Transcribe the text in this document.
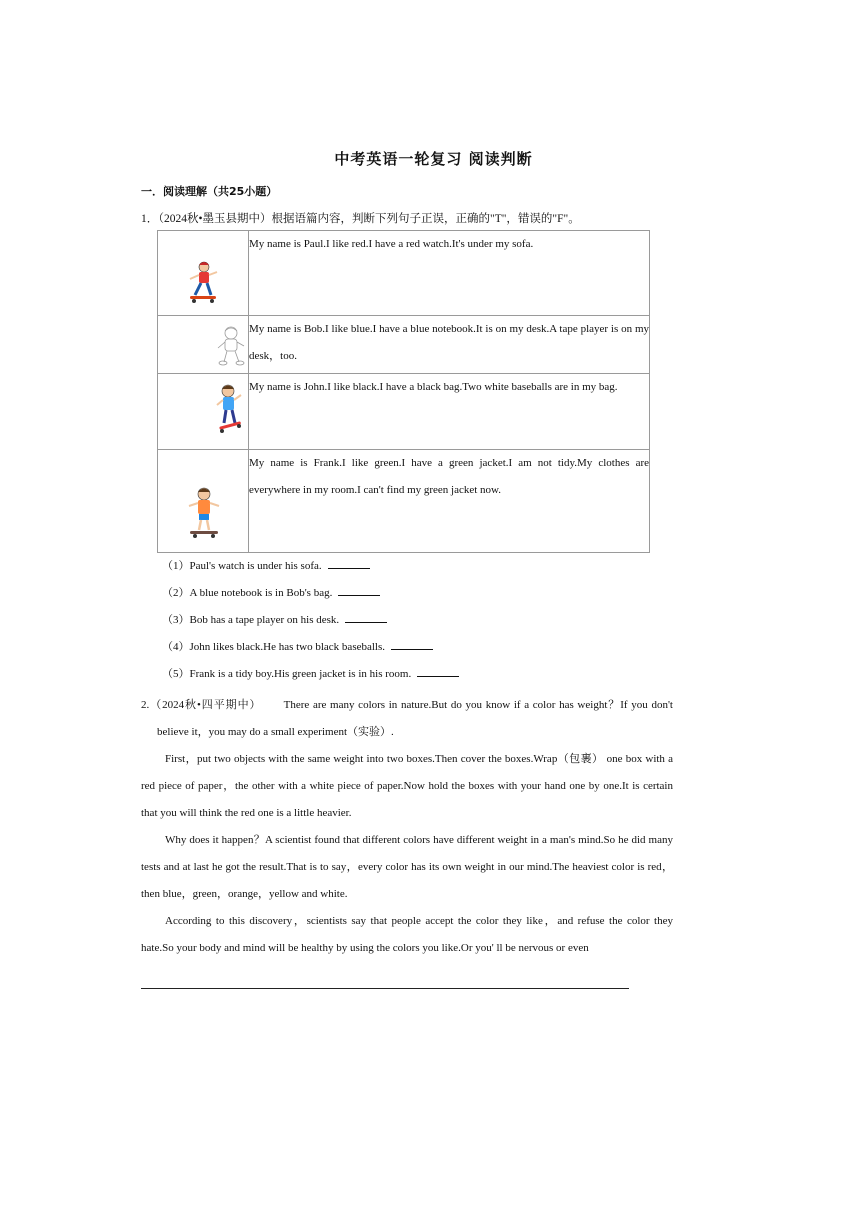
中考英语一轮复习 阅读判断
一．阅读理解（共25小题）
1．（2024秋•墨玉县期中）根据语篇内容，判断下列句子正误，正确的"T"，错误的"F"。
	My name is Paul.I like red.I have a red watch.It's under my sofa.

	My name is Bob.I like blue.I have a blue notebook.It is on my desk.A tape player is on my desk，too.

	My name is John.I like black.I have a black bag.Two white baseballs are in my bag.

	My name is Frank.I like green.I have a green jacket.I am not tidy.My clothes are everywhere in my room.I can't find my green jacket now.
（1）Paul's watch is under his sofa.
（2）A blue notebook is in Bob's bag.
（3）Bob has a tape player on his desk.
（4）John likes black.He has two black baseballs.
（5）Frank is a tidy boy.His green jacket is in his room.

2.（2024秋•四平期中） There are many colors in nature.But do you know if a color has weight？If you don't believe it，you may do a small experiment（实验）.

First，put two objects with the same weight into two boxes.Then cover the boxes.Wrap（包裹） one box with a red piece of paper，the other with a white piece of paper.Now hold the boxes with your hand one by one.It is certain that you will think the red one is a little heavier.

Why does it happen？A scientist found that different colors have different weight in a man's mind.So he did many tests and at last he got the result.That is to say，every color has its own weight in our mind.The heaviest color is red，then blue，green，orange，yellow and white.

According to this discovery，scientists say that people accept the color they like，and refuse the color they hate.So your body and mind will be healthy by using the colors you like.Or you' ll be nervous or even
